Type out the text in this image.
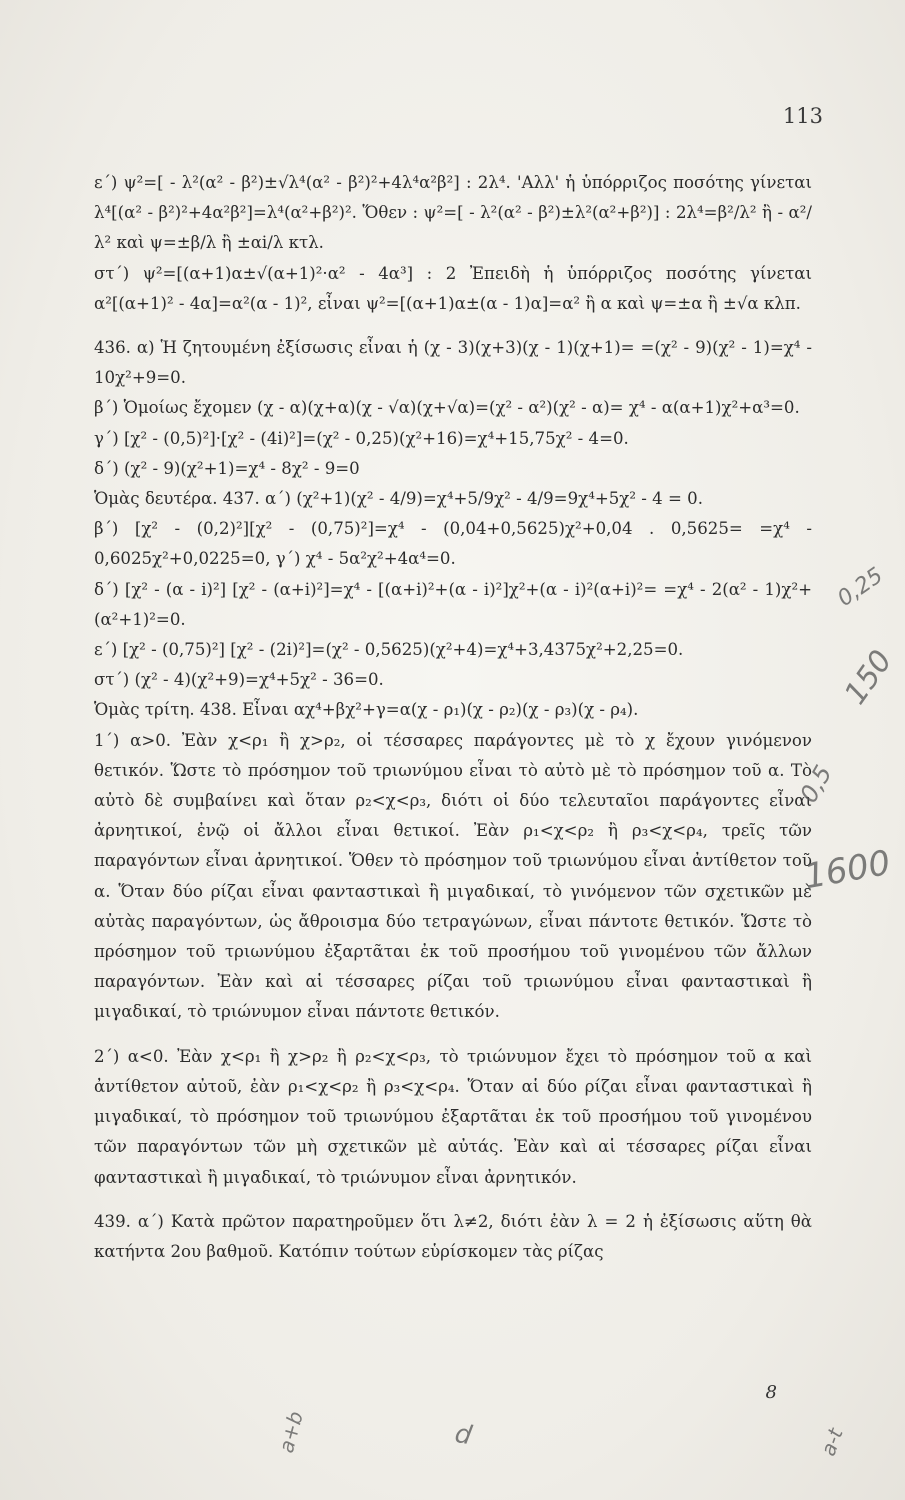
113

ε΄) ψ²=[ - λ²(α² - β²)±√λ⁴(α² - β²)²+4λ⁴α²β²] : 2λ⁴. 'Αλλ' ἡ ὑπόρριζος ποσότης γίνεται λ⁴[(α² - β²)²+4α²β²]=λ⁴(α²+β²)². Ὅθεν : ψ²=[ - λ²(α² - β²)±λ²(α²+β²)] : 2λ⁴=β²/λ² ἢ - α²/λ² καὶ ψ=±β/λ ἢ ±αi/λ κτλ.

στ΄) ψ²=[(α+1)α±√(α+1)²·α² - 4α³] : 2 Ἐπειδὴ ἡ ὑπόρριζος ποσότης γίνεται α²[(α+1)² - 4α]=α²(α - 1)², εἶναι ψ²=[(α+1)α±(α - 1)α]=α² ἢ α καὶ ψ=±α ἢ ±√α κλπ.

436. α) Ἡ ζητουμένη ἐξίσωσις εἶναι ἡ (χ - 3)(χ+3)(χ - 1)(χ+1)= =(χ² - 9)(χ² - 1)=χ⁴ - 10χ²+9=0.

β΄) Ὁμοίως ἔχομεν (χ - α)(χ+α)(χ - √α)(χ+√α)=(χ² - α²)(χ² - α)= χ⁴ - α(α+1)χ²+α³=0.

γ΄) [χ² - (0,5)²]·[χ² - (4i)²]=(χ² - 0,25)(χ²+16)=χ⁴+15,75χ² - 4=0.

δ΄) (χ² - 9)(χ²+1)=χ⁴ - 8χ² - 9=0

Ὁμὰς δευτέρα. 437. α΄) (χ²+1)(χ² - 4/9)=χ⁴+5/9χ² - 4/9=9χ⁴+5χ² - 4 = 0.

β΄) [χ² - (0,2)²][χ² - (0,75)²]=χ⁴ - (0,04+0,5625)χ²+0,04 . 0,5625= =χ⁴ - 0,6025χ²+0,0225=0, γ΄) χ⁴ - 5α²χ²+4α⁴=0.

δ΄) [χ² - (α - i)²] [χ² - (α+i)²]=χ⁴ - [(α+i)²+(α - i)²]χ²+(α - i)²(α+i)²= =χ⁴ - 2(α² - 1)χ²+(α²+1)²=0.

ε΄) [χ² - (0,75)²] [χ² - (2i)²]=(χ² - 0,5625)(χ²+4)=χ⁴+3,4375χ²+2,25=0.

στ΄) (χ² - 4)(χ²+9)=χ⁴+5χ² - 36=0.

Ὁμὰς τρίτη. 438. Εἶναι αχ⁴+βχ²+γ=α(χ - ρ₁)(χ - ρ₂)(χ - ρ₃)(χ - ρ₄).

1΄) α>0. Ἐὰν χ<ρ₁ ἢ χ>ρ₂, οἱ τέσσαρες παράγοντες μὲ τὸ χ ἔχουν γινόμενον θετικόν. Ὥστε τὸ πρόσημον τοῦ τριωνύμου εἶναι τὸ αὐτὸ μὲ τὸ πρόσημον τοῦ α. Τὸ αὐτὸ δὲ συμβαίνει καὶ ὅταν ρ₂<χ<ρ₃, διότι οἱ δύο τελευταῖοι παράγοντες εἶναι ἀρνητικοί, ἐνῷ οἱ ἄλλοι εἶναι θετικοί. Ἐὰν ρ₁<χ<ρ₂ ἢ ρ₃<χ<ρ₄, τρεῖς τῶν παραγόντων εἶναι ἀρνητικοί. Ὅθεν τὸ πρόσημον τοῦ τριωνύμου εἶναι ἀντίθετον τοῦ α. Ὅταν δύο ρίζαι εἶναι φανταστικαὶ ἢ μιγαδικαί, τὸ γινόμενον τῶν σχετικῶν μὲ αὐτὰς παραγόντων, ὡς ἄθροισμα δύο τετραγώνων, εἶναι πάντοτε θετικόν. Ὥστε τὸ πρόσημον τοῦ τριωνύμου ἐξαρτᾶται ἐκ τοῦ προσήμου τοῦ γινομένου τῶν ἄλλων παραγόντων. Ἐὰν καὶ αἱ τέσσαρες ρίζαι τοῦ τριωνύμου εἶναι φανταστικαὶ ἢ μιγαδικαί, τὸ τριώνυμον εἶναι πάντοτε θετικόν.

2΄) α<0. Ἐὰν χ<ρ₁ ἢ χ>ρ₂ ἢ ρ₂<χ<ρ₃, τὸ τριώνυμον ἔχει τὸ πρόσημον τοῦ α καὶ ἀντίθετον αὐτοῦ, ἐὰν ρ₁<χ<ρ₂ ἢ ρ₃<χ<ρ₄. Ὅταν αἱ δύο ρίζαι εἶναι φανταστικαὶ ἢ μιγαδικαί, τὸ πρόσημον τοῦ τριωνύμου ἐξαρτᾶται ἐκ τοῦ προσήμου τοῦ γινομένου τῶν παραγόντων τῶν μὴ σχετικῶν μὲ αὐτάς. Ἐὰν καὶ αἱ τέσσαρες ρίζαι εἶναι φανταστικαὶ ἢ μιγαδικαί, τὸ τριώνυμον εἶναι ἀρνητικόν.

439. α΄) Κατὰ πρῶτον παρατηροῦμεν ὅτι λ≠2, διότι ἐὰν λ = 2 ἡ ἐξίσωσις αὕτη θὰ κατήντα 2ου βαθμοῦ. Κατόπιν τούτων εὑρίσκομεν τὰς ρίζας

8
0,25
150
0,5
1600
a-t
a+b	d
